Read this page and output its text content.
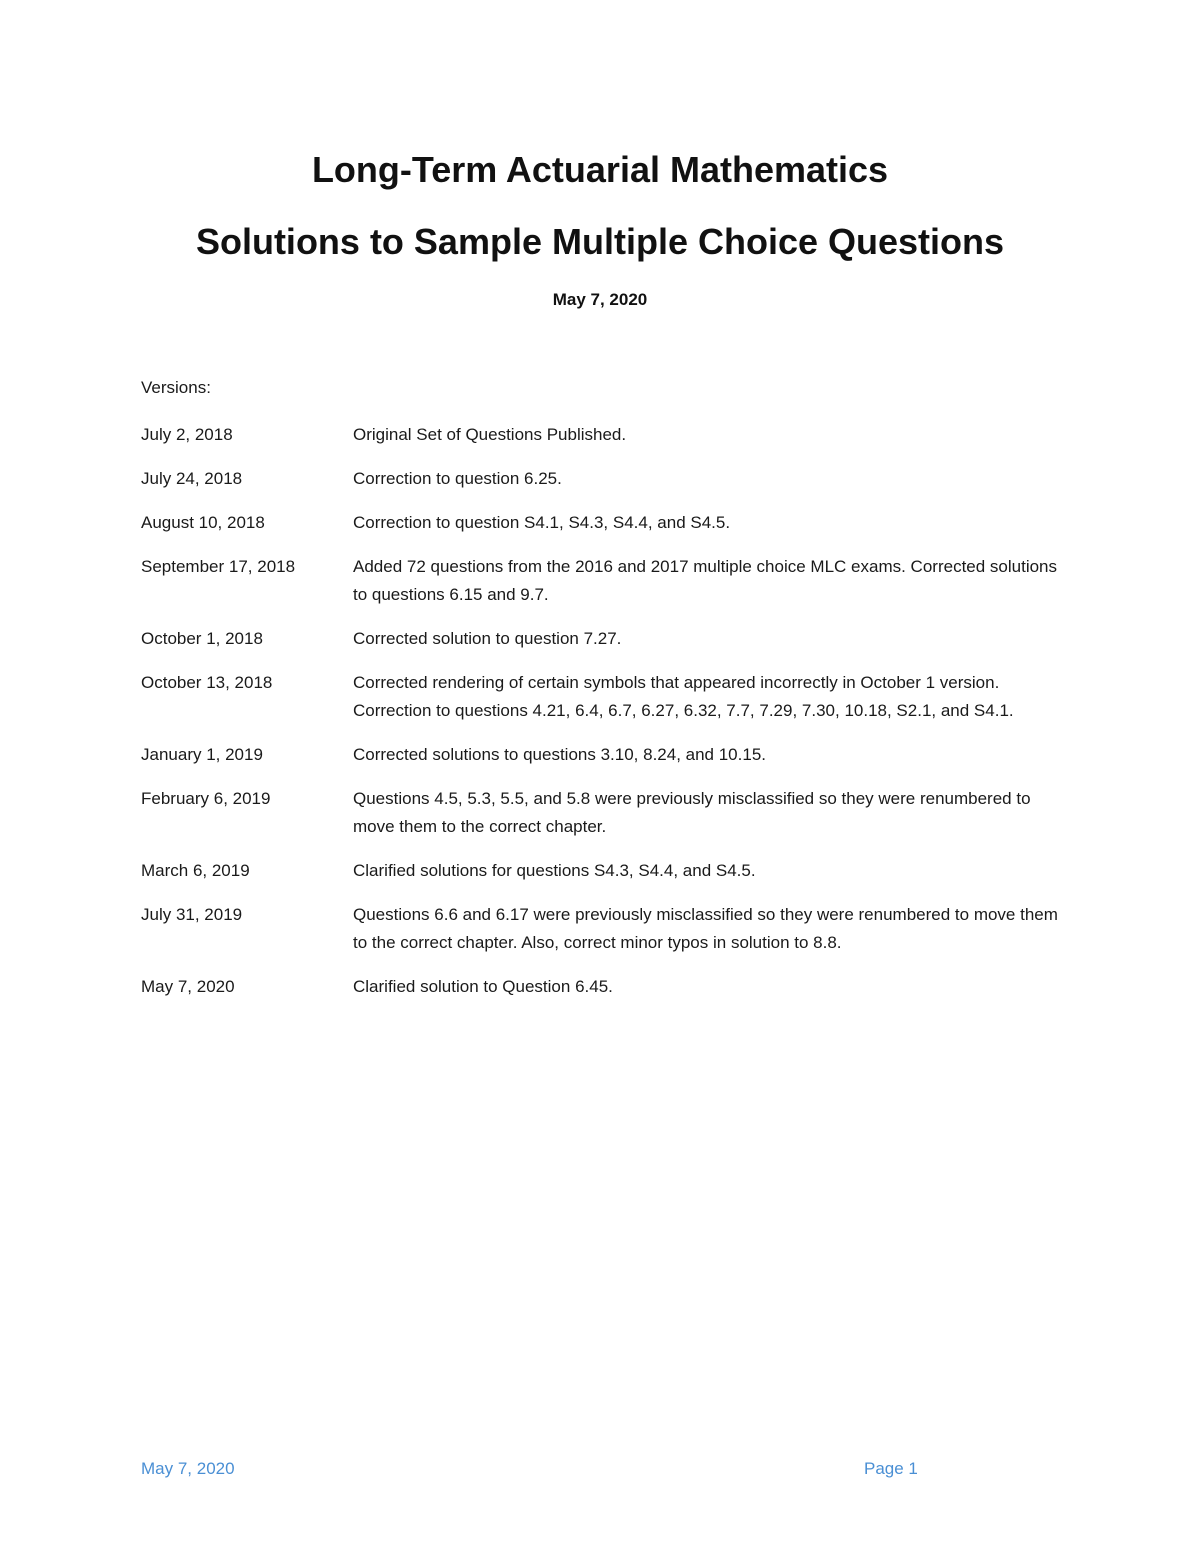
Long-Term Actuarial Mathematics
Solutions to Sample Multiple Choice Questions
May 7, 2020
Versions:
July 2, 2018	Original Set of Questions Published.
July 24, 2018	Correction to question 6.25.
August 10, 2018	Correction to question S4.1, S4.3, S4.4, and S4.5.
September 17, 2018	Added 72 questions from the 2016 and 2017 multiple choice MLC exams. Corrected solutions to questions 6.15 and 9.7.
October 1, 2018	Corrected solution to question 7.27.
October 13, 2018	Corrected rendering of certain symbols that appeared incorrectly in October 1 version. Correction to questions 4.21, 6.4, 6.7, 6.27, 6.32, 7.7, 7.29, 7.30, 10.18, S2.1, and S4.1.
January 1, 2019	Corrected solutions to questions 3.10, 8.24, and 10.15.
February 6, 2019	Questions 4.5, 5.3, 5.5, and 5.8 were previously misclassified so they were renumbered to move them to the correct chapter.
March 6, 2019	Clarified solutions for questions S4.3, S4.4, and S4.5.
July 31, 2019	Questions 6.6 and 6.17 were previously misclassified so they were renumbered to move them to the correct chapter. Also, correct minor typos in solution to 8.8.
May 7, 2020	Clarified solution to Question 6.45.
May 7, 2020	Page 1
